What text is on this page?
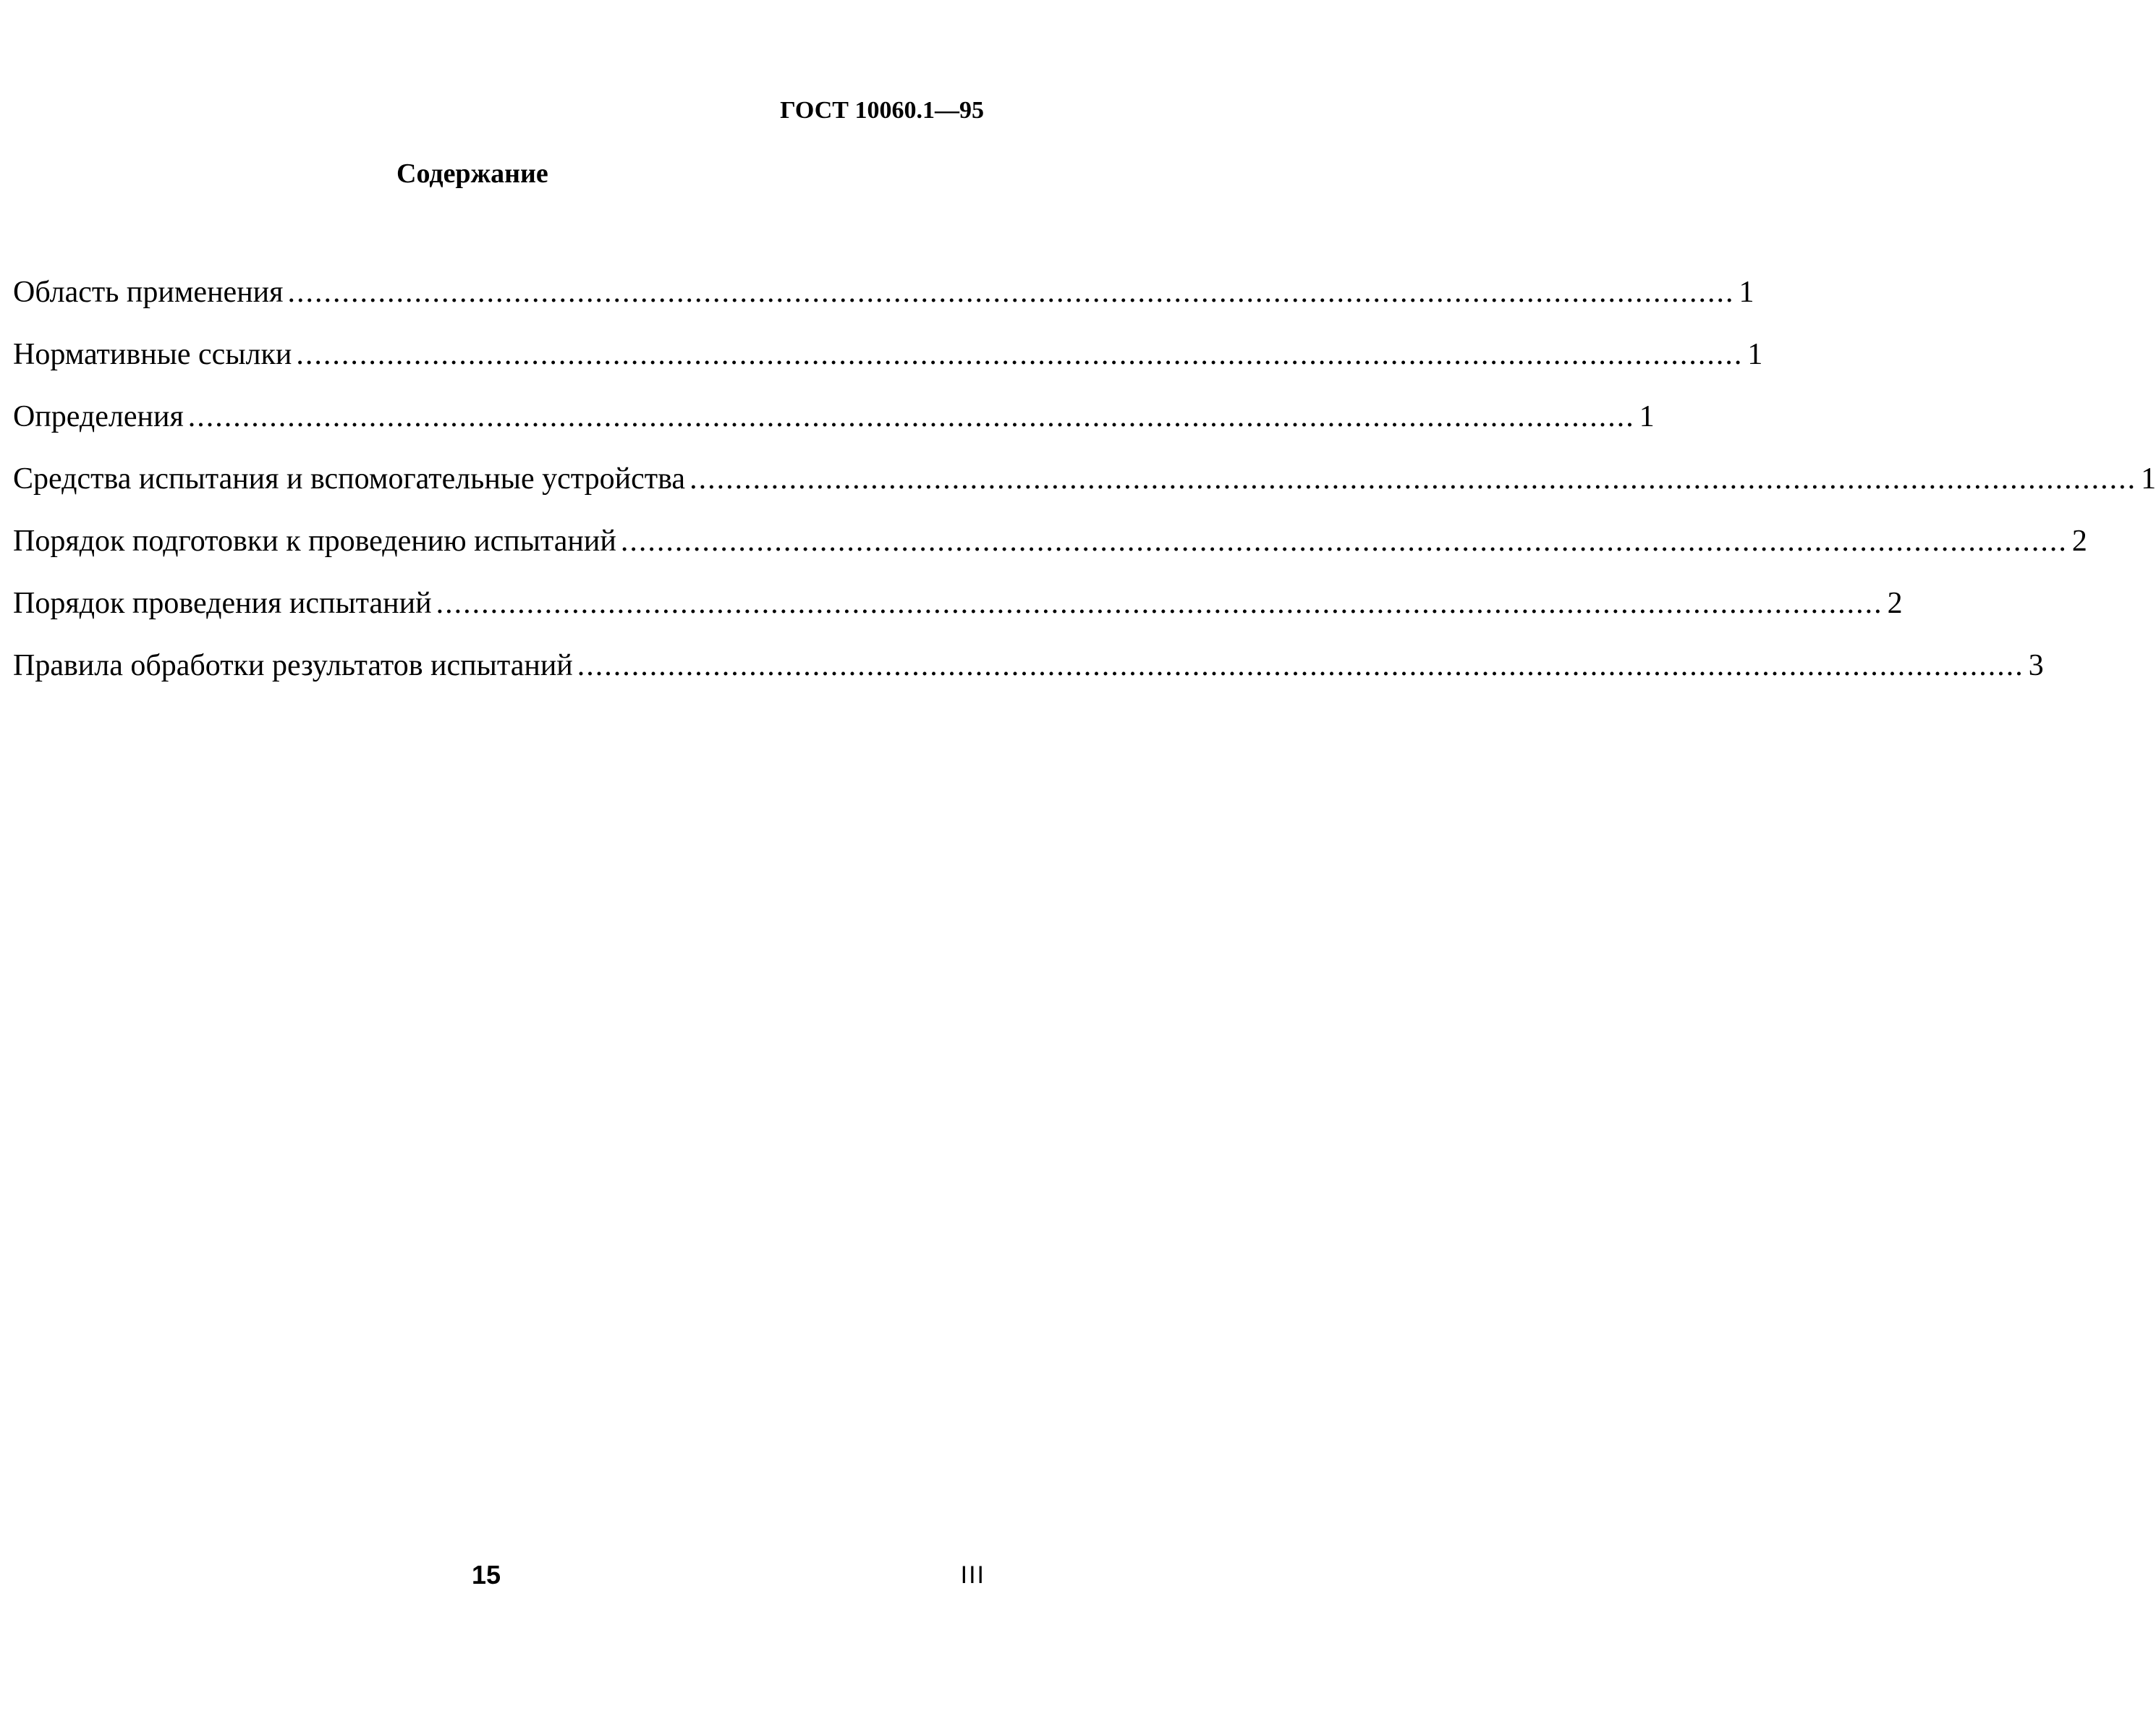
ГОСТ 10060.1—95
Содержание
Область применения ................................................................................................................................................................ 1
Нормативные ссылки ................................................................................................................................................................ 1
Определения ................................................................................................................................................................ 1
Средства испытания и вспомогательные устройства ................................................................................................................................................................ 1
Порядок подготовки к проведению испытаний ................................................................................................................................................................ 2
Порядок проведения испытаний ................................................................................................................................................................ 2
Правила обработки результатов испытаний ................................................................................................................................................................ 3
15	III
